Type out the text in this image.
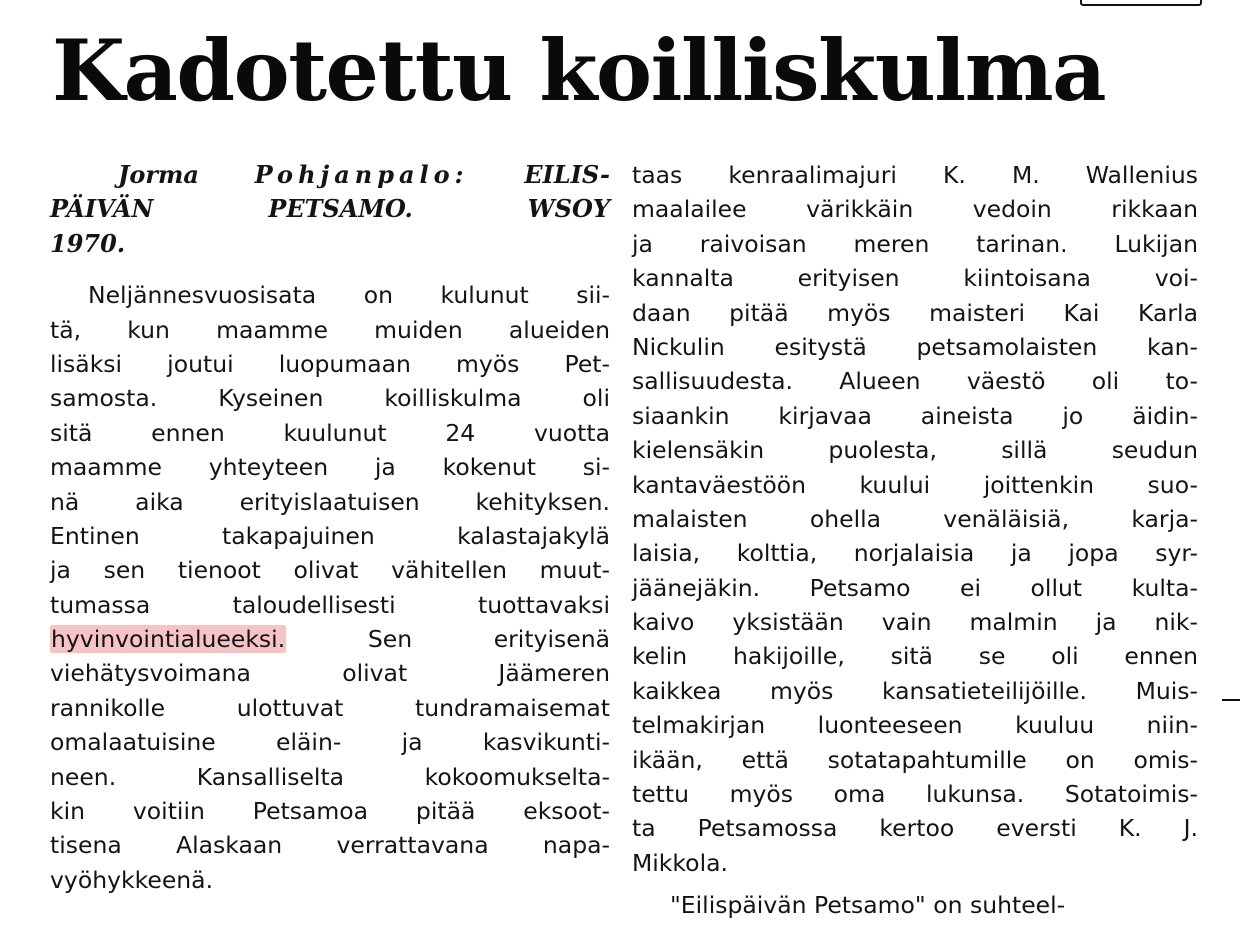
Kadotettu koilliskulma
Jorma Pohjanpalo: EILIS-
PÄIVÄN PETSAMO.	WSOY
1970.
Neljännesvuosisata on kulunut sii-
tä, kun maamme muiden alueiden
lisäksi joutui luopumaan myös Pet-
samosta. Kyseinen koilliskulma oli
sitä ennen kuulunut 24 vuotta
maamme yhteyteen ja kokenut si-
nä aika erityislaatuisen kehityksen.
Entinen takapajuinen kalastajakylä
ja sen tienoot olivat vähitellen muut-
tumassa taloudellisesti tuottavaksi
hyvinvointialueeksi.	Sen erityisenä
viehätysvoimana olivat Jäämeren
rannikolle ulottuvat tundramaisemat
omalaatuisine eläin- ja kasvikunti-
neen. Kansalliselta kokoomukselta-
kin voitiin Petsamoa pitää eksoot-
tisena Alaskaan verrattavana napa-
vyöhykkeenä.
taas kenraalimajuri K. M. Wallenius
maalailee värikkäin vedoin rikkaan
ja raivoisan meren tarinan. Lukijan
kannalta erityisen kiintoisana voi-
daan pitää myös maisteri Kai Karla
Nickulin esitystä petsamolaisten kan-
sallisuudesta. Alueen väestö oli to-
siaankin kirjavaa aineista jo äidin-
kielensäkin puolesta, sillä seudun
kantaväestöön kuului joittenkin suo-
malaisten ohella venäläisiä, karja-
laisia, kolttia, norjalaisia ja jopa syr-
jäänejäkin. Petsamo ei ollut kulta-
kaivo yksistään vain malmin ja nik-
kelin hakijoille, sitä se oli ennen
kaikkea myös kansatieteilijöille. Muis-
telmakirjan luonteeseen kuuluu niin-
ikään, että sotatapahtumille on omis-
tettu myös oma lukunsa. Sotatoimis-
ta Petsamossa kertoo eversti K. J.
Mikkola.
"Eilispäivän Petsamo" on suhteel-
